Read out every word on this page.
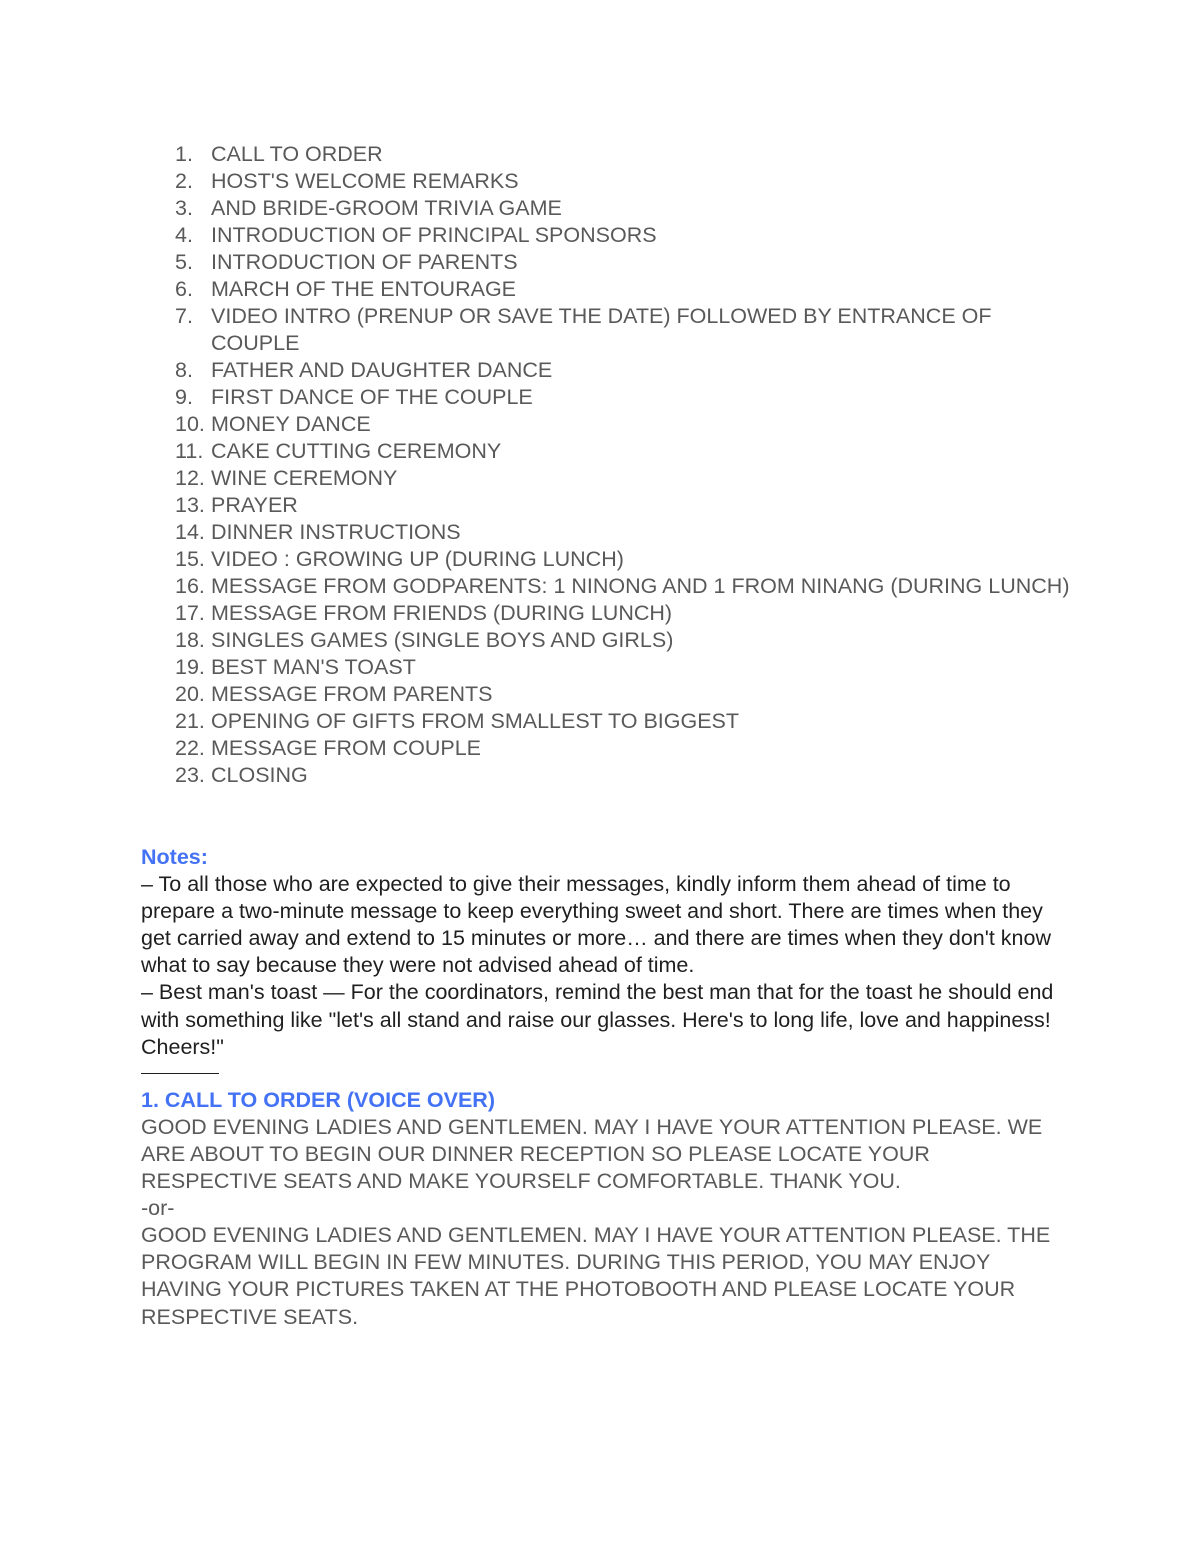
1. CALL TO ORDER
2. HOST'S WELCOME REMARKS
3. AND BRIDE-GROOM TRIVIA GAME
4. INTRODUCTION OF PRINCIPAL SPONSORS
5. INTRODUCTION OF PARENTS
6. MARCH OF THE ENTOURAGE
7. VIDEO INTRO (PRENUP OR SAVE THE DATE) FOLLOWED BY ENTRANCE OF COUPLE
8. FATHER AND DAUGHTER DANCE
9. FIRST DANCE OF THE COUPLE
10. MONEY DANCE
11. CAKE CUTTING CEREMONY
12. WINE CEREMONY
13. PRAYER
14. DINNER INSTRUCTIONS
15. VIDEO : GROWING UP (DURING LUNCH)
16. MESSAGE FROM GODPARENTS: 1 NINONG AND 1 FROM NINANG (DURING LUNCH)
17. MESSAGE FROM FRIENDS (DURING LUNCH)
18. SINGLES GAMES (SINGLE BOYS AND GIRLS)
19. BEST MAN'S TOAST
20. MESSAGE FROM PARENTS
21. OPENING OF GIFTS FROM SMALLEST TO BIGGEST
22. MESSAGE FROM COUPLE
23. CLOSING
Notes:
– To all those who are expected to give their messages, kindly inform them ahead of time to prepare a two-minute message to keep everything sweet and short. There are times when they get carried away and extend to 15 minutes or more… and there are times when they don't know what to say because they were not advised ahead of time.
– Best man's toast — For the coordinators, remind the best man that for the toast he should end with something like "let's all stand and raise our glasses. Here's to long life, love and happiness! Cheers!"
1. CALL TO ORDER (VOICE OVER)
GOOD EVENING LADIES AND GENTLEMEN. MAY I HAVE YOUR ATTENTION PLEASE. WE ARE ABOUT TO BEGIN OUR DINNER RECEPTION SO PLEASE LOCATE YOUR RESPECTIVE SEATS AND MAKE YOURSELF COMFORTABLE. THANK YOU.
-or-
GOOD EVENING LADIES AND GENTLEMEN. MAY I HAVE YOUR ATTENTION PLEASE. THE PROGRAM WILL BEGIN IN FEW MINUTES. DURING THIS PERIOD, YOU MAY ENJOY HAVING YOUR PICTURES TAKEN AT THE PHOTOBOOTH AND PLEASE LOCATE YOUR RESPECTIVE SEATS.
